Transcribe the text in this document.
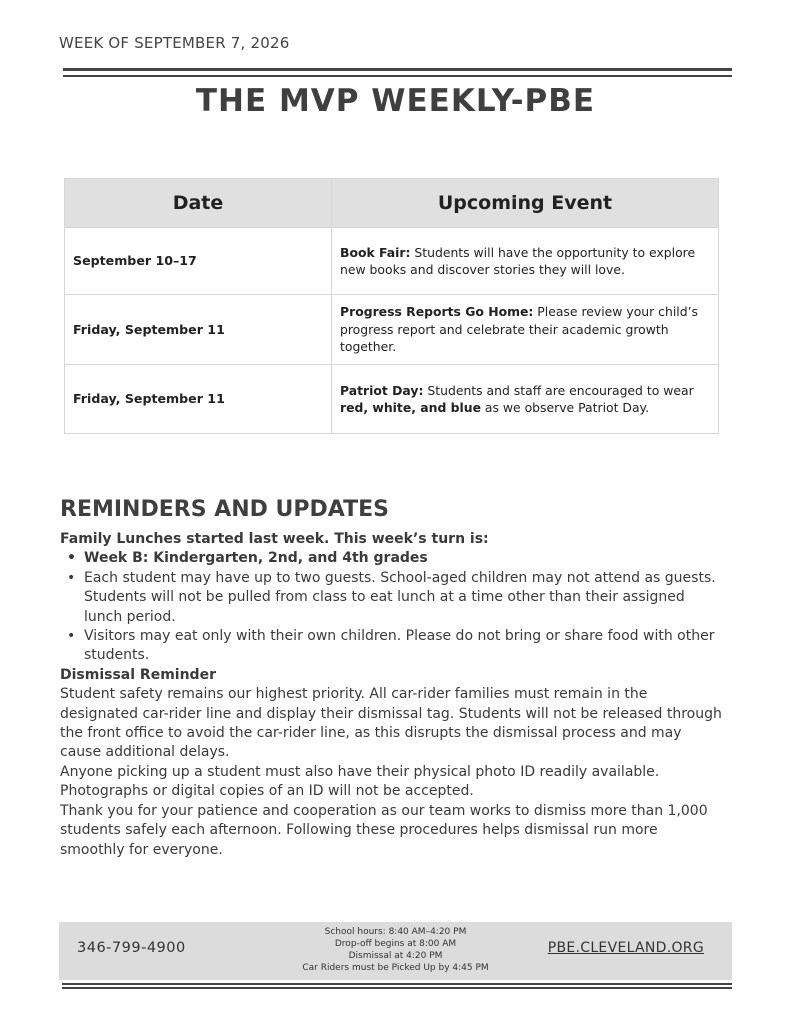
WEEK OF SEPTEMBER 7, 2026
THE MVP WEEKLY-PBE
Date	Upcoming Event
September 10–17	Book Fair: Students will have the opportunity to explore new books and discover stories they will love.
Friday, September 11	Progress Reports Go Home: Please review your child’s progress report and celebrate their academic growth together.
Friday, September 11	Patriot Day: Students and staff are encouraged to wear red, white, and blue as we observe Patriot Day.
REMINDERS AND UPDATES
Family Lunches started last week. This week’s turn is:
• Week B: Kindergarten, 2nd, and 4th grades
• Each student may have up to two guests. School-aged children may not attend as guests. Students will not be pulled from class to eat lunch at a time other than their assigned lunch period.
• Visitors may eat only with their own children. Please do not bring or share food with other students.
Dismissal Reminder

Student safety remains our highest priority. All car-rider families must remain in the designated car-rider line and display their dismissal tag. Students will not be released through the front office to avoid the car-rider line, as this disrupts the dismissal process and may cause additional delays.

Anyone picking up a student must also have their physical photo ID readily available. Photographs or digital copies of an ID will not be accepted.

Thank you for your patience and cooperation as our team works to dismiss more than 1,000 students safely each afternoon. Following these procedures helps dismissal run more smoothly for everyone.

346-799-4900
School hours: 8:40 AM–4:20 PM
Drop-off begins at 8:00 AM
Dismissal at 4:20 PM
Car Riders must be Picked Up by 4:45 PM
PBE.CLEVELAND.ORG
